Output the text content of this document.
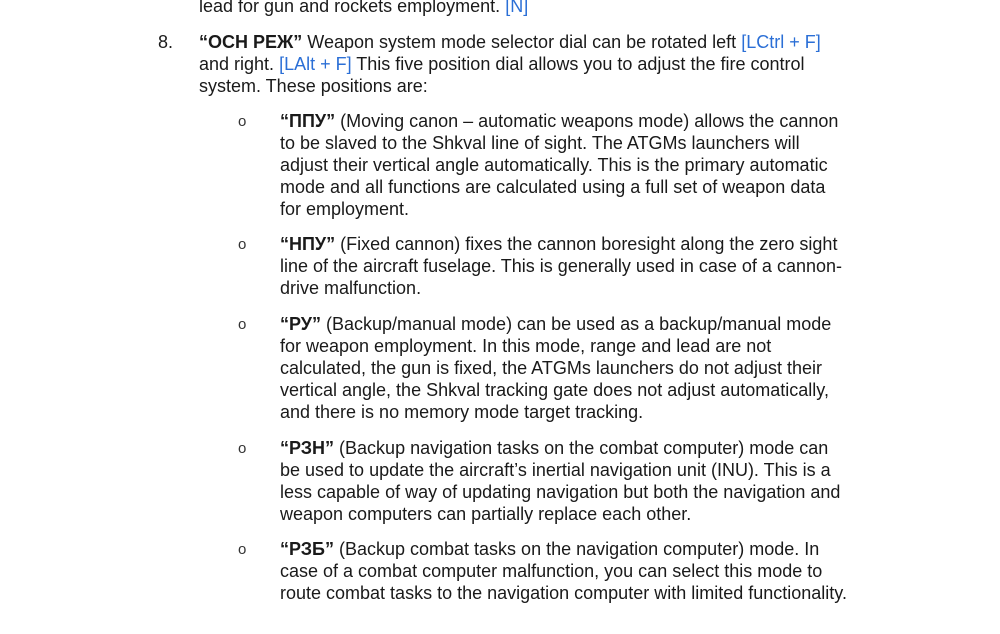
lead for gun and rockets employment. [N]
8. “ОСН РЕЖ” Weapon system mode selector dial can be rotated left [LCtrl + F] and right. [LAlt + F] This five position dial allows you to adjust the fire control system. These positions are:

o “ППУ” (Moving canon – automatic weapons mode) allows the cannon to be slaved to the Shkval line of sight. The ATGMs launchers will adjust their vertical angle automatically. This is the primary automatic mode and all functions are calculated using a full set of weapon data for employment.

o “НПУ” (Fixed cannon) fixes the cannon boresight along the zero sight line of the aircraft fuselage. This is generally used in case of a cannon-drive malfunction.

o “РУ” (Backup/manual mode) can be used as a backup/manual mode for weapon employment. In this mode, range and lead are not calculated, the gun is fixed, the ATGMs launchers do not adjust their vertical angle, the Shkval tracking gate does not adjust automatically, and there is no memory mode target tracking.

o “РЗН” (Backup navigation tasks on the combat computer) mode can be used to update the aircraft’s inertial navigation unit (INU). This is a less capable of way of updating navigation but both the navigation and weapon computers can partially replace each other.

o “РЗБ” (Backup combat tasks on the navigation computer) mode. In case of a combat computer malfunction, you can select this mode to route combat tasks to the navigation computer with limited functionality.
